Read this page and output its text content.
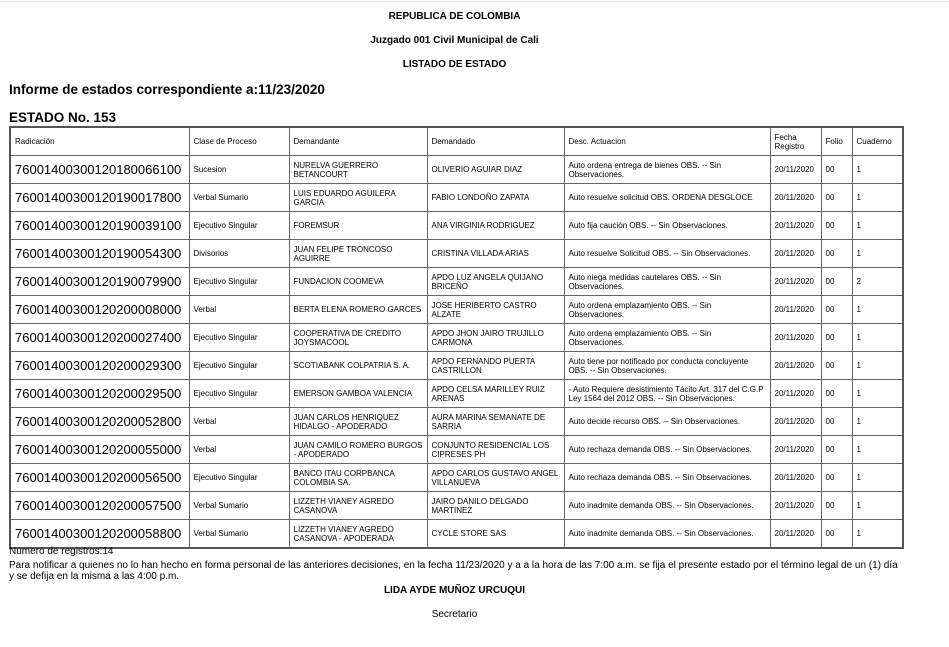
REPUBLICA DE COLOMBIA
Juzgado 001 Civil Municipal de Cali
LISTADO DE ESTADO
Informe de estados correspondiente a:11/23/2020
ESTADO No. 153
Radicación	Clase de Proceso	Demandante	Demandado	Desc. Actuacion	Fecha Registro	Folio	Cuaderno
76001400300120180066100	Sucesion	NURELVA GUERRERO BETANCOURT	OLIVERIO AGUIAR DIAZ	Auto ordena entrega de bienes OBS. -- Sin Observaciones.	20/11/2020	00	1
76001400300120190017800	Verbal Sumario	LUIS EDUARDO AGUILERA GARCIA	FABIO LONDOÑO ZAPATA	Auto resuelve solicitud OBS. ORDENA DESGLOCE	20/11/2020	00	1
76001400300120190039100	Ejecutivo Singular	FOREMSUR	ANA VIRGINIA RODRIGUEZ	Auto fija caución OBS. -- Sin Observaciones.	20/11/2020	00	1
76001400300120190054300	Divisorios	JUAN FELIPE TRONCOSO AGUIRRE	CRISTINA VILLADA ARIAS	Auto resuelve Solicitud OBS. -- Sin Observaciones.	20/11/2020	00	1
76001400300120190079900	Ejecutivo Singular	FUNDACION COOMEVA	APDO LUZ ANGELA QUIJANO BRICEÑO	Auto niega medidas cautelares OBS. -- Sin Observaciones.	20/11/2020	00	2
76001400300120200008000	Verbal	BERTA ELENA ROMERO GARCES	JOSE HERIBERTO CASTRO ALZATE	Auto ordena emplazamiento OBS. -- Sin Observaciones.	20/11/2020	00	1
76001400300120200027400	Ejecutivo Singular	COOPERATIVA DE CREDITO JOYSMACOOL	APDO JHON JAIRO TRUJILLO CARMONA	Auto ordena emplazamiento OBS. -- Sin Observaciones.	20/11/2020	00	1
76001400300120200029300	Ejecutivo Singular	SCOTIABANK COLPATRIA S. A.	APDO FERNANDO PUERTA CASTRILLON	Auto tiene por notificado por conducta concluyente OBS. -- Sin Observaciones.	20/11/2020	00	1
76001400300120200029500	Ejecutivo Singular	EMERSON GAMBOA VALENCIA	APDO CELSA MARILLEY RUIZ ARENAS	- Auto Requiere desistimiento Tácito Art. 317 del C.G.P Ley 1564 del 2012 OBS. -- Sin Observaciones.	20/11/2020	00	1
76001400300120200052800	Verbal	JUAN CARLOS HENRIQUEZ HIDALGO - APODERADO	AURA MARINA SEMANATE DE SARRIA	Auto decide recurso OBS. -- Sin Observaciones.	20/11/2020	00	1
76001400300120200055000	Verbal	JUAN CAMILO ROMERO BURGOS - APODERADO	CONJUNTO RESIDENCIAL LOS CIPRESES PH	Auto rechaza demanda OBS. -- Sin Observaciones.	20/11/2020	00	1
76001400300120200056500	Ejecutivo Singular	BANCO ITAU CORPBANCA COLOMBIA SA.	APDO CARLOS GUSTAVO ANGEL VILLANUEVA	Auto rechaza demanda OBS. -- Sin Observaciones.	20/11/2020	00	1
76001400300120200057500	Verbal Sumario	LIZZETH VIANEY AGREDO CASANOVA	JAIRO DANILO DELGADO MARTINEZ	Auto inadmite demanda OBS. -- Sin Observaciones.	20/11/2020	00	1
76001400300120200058800	Verbal Sumario	LIZZETH VIANEY AGREDO CASANOVA - APODERADA	CYCLE STORE SAS	Auto inadmite demanda OBS. -- Sin Observaciones.	20/11/2020	00	1
Numero de registros:14
Para notificar a quienes no lo han hecho en forma personal de las anteriores decisiones, en la fecha 11/23/2020 y a a la hora de las 7:00 a.m. se fija el presente estado por el término legal de un (1) día y se defija en la misma a las 4:00 p.m.
LIDA AYDE MUÑOZ URCUQUI
Secretario
